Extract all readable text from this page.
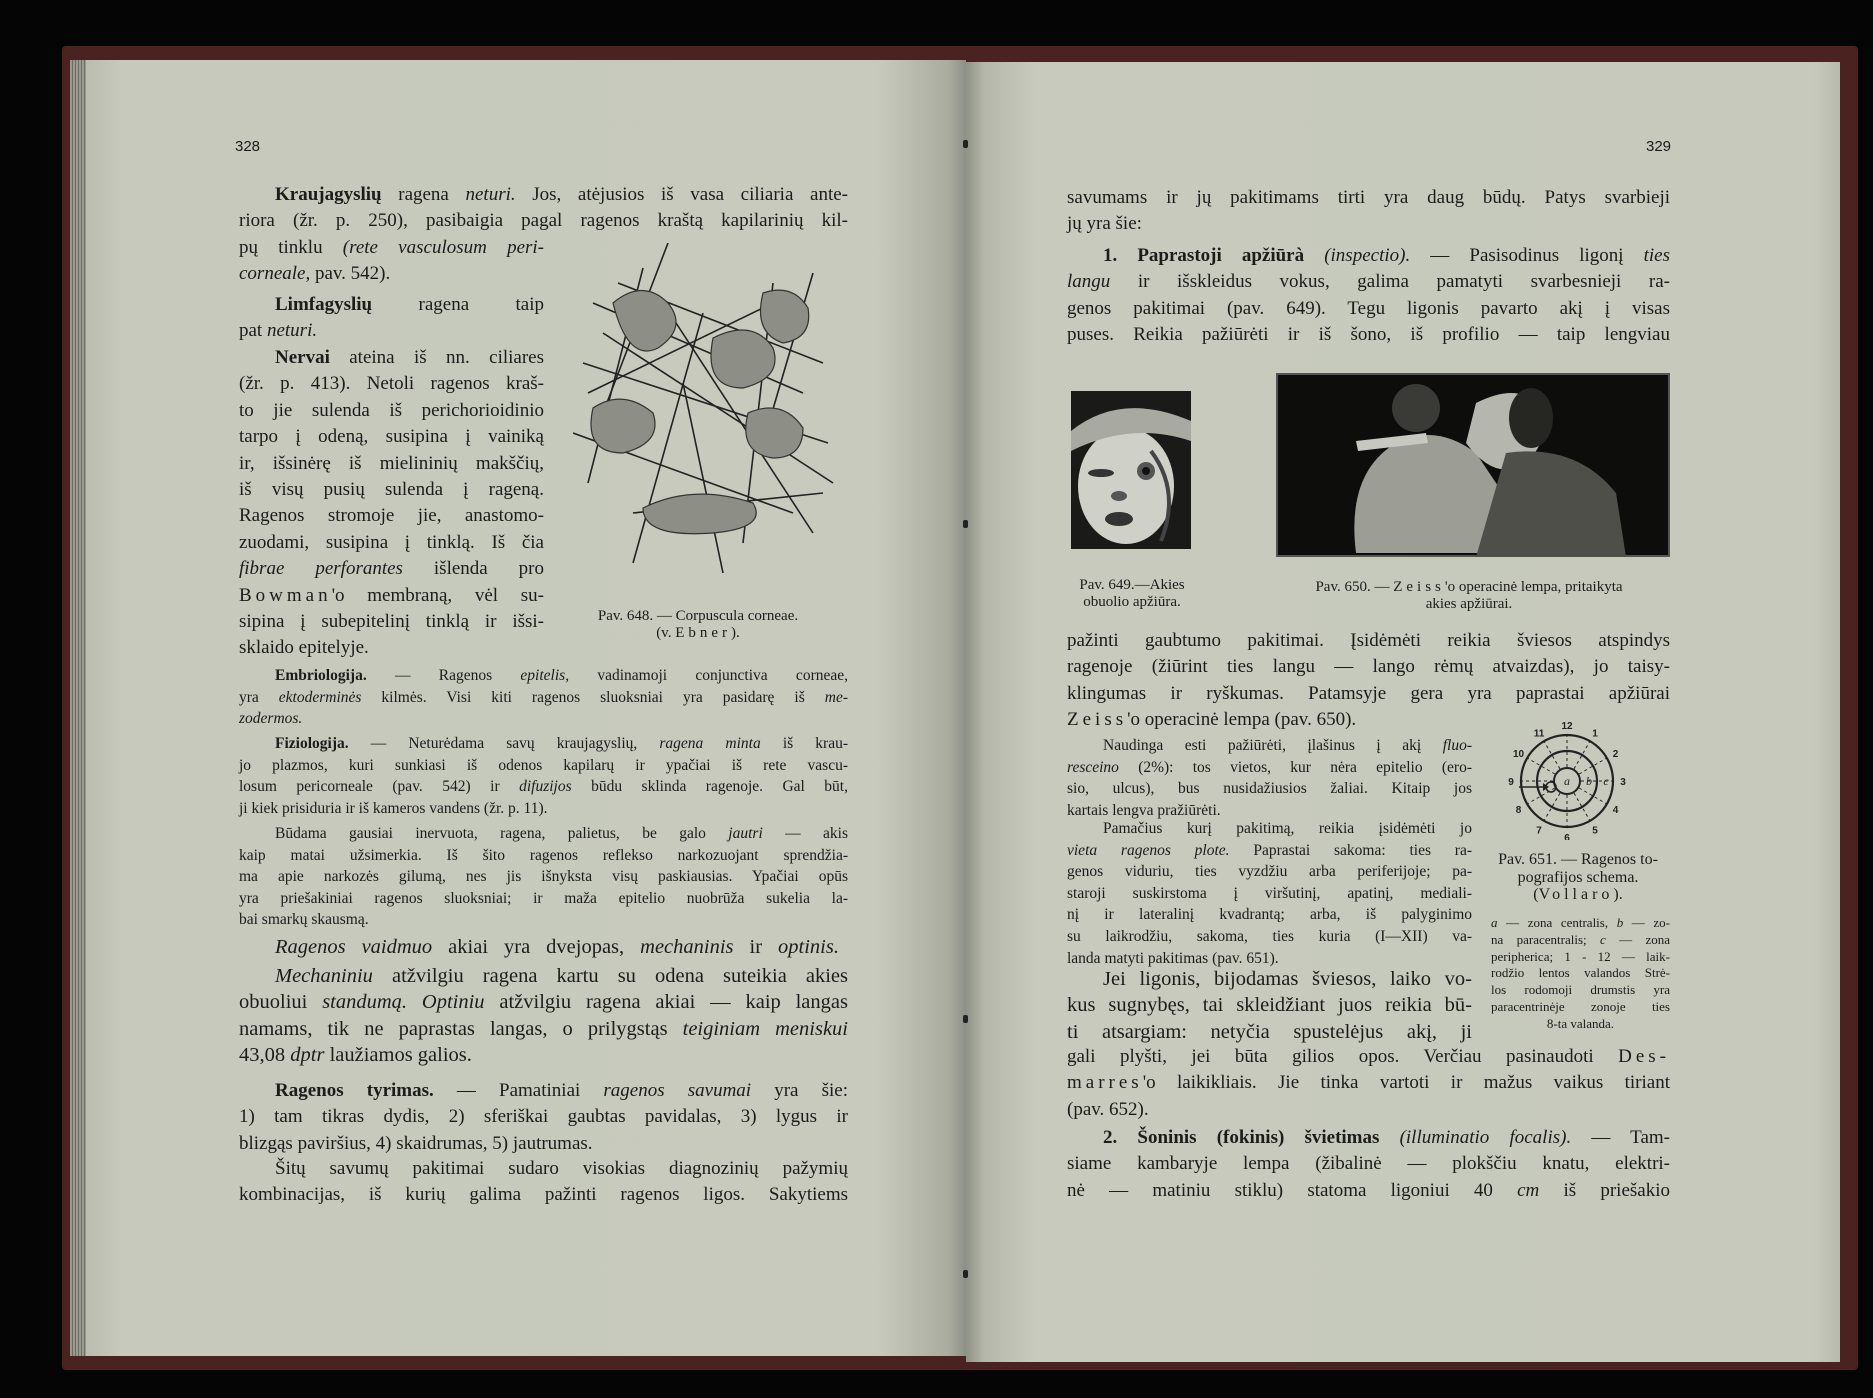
328
Kraujagyslių ragena neturi. Jos, atėjusios iš vasa ciliaria ante-
riora (žr. p. 250), pasibaigia pagal ragenos kraštą kapilarinių kil-
pų tinklu (rete vasculosum peri-
corneale, pav. 542).
Limfagyslių ragena taip
pat neturi.
Nervai ateina iš nn. ciliares
(žr. p. 413). Netoli ragenos kraš-
to jie sulenda iš perichorioidinio
tarpo į odeną, susipina į vainiką
ir, išsinėrę iš mielininių makščių,
iš visų pusių sulenda į rageną.
Ragenos stromoje jie, anastomo-
zuodami, susipina į tinklą. Iš čia
fibrae perforantes išlenda pro
Bowman'o membraną, vėl su-
sipina į subepitelinį tinklą ir išsi-
sklaido epitelyje.
Pav. 648. — Corpuscula corneae.
(v. Ebner).
Embriologija. — Ragenos epitelis, vadinamoji conjunctiva corneae,
yra ektoderminės kilmės. Visi kiti ragenos sluoksniai yra pasidarę iš me-
zodermos.
Fiziologija. — Neturėdama savų kraujagyslių, ragena minta iš krau-
jo plazmos, kuri sunkiasi iš odenos kapilarų ir ypačiai iš rete vascu-
losum pericorneale (pav. 542) ir difuzijos būdu sklinda ragenoje. Gal būt,
ji kiek prisiduria ir iš kameros vandens (žr. p. 11).
Būdama gausiai inervuota, ragena, palietus, be galo jautri — akis
kaip matai užsimerkia. Iš šito ragenos reflekso narkozuojant sprendžia-
ma apie narkozės gilumą, nes jis išnyksta visų paskiausias. Ypačiai opūs
yra priešakiniai ragenos sluoksniai; ir maža epitelio nuobrūža sukelia la-
bai smarkų skausmą.
Ragenos vaidmuo akiai yra dvejopas, mechaninis ir optinis.
Mechaniniu atžvilgiu ragena kartu su odena suteikia akies
obuoliui standumą. Optiniu atžvilgiu ragena akiai — kaip langas
namams, tik ne paprastas langas, o prilygstąs teiginiam meniskui
43,08 dptr laužiamos galios.
Ragenos tyrimas. — Pamatiniai ragenos savumai yra šie:
1) tam tikras dydis, 2) sferiškai gaubtas pavidalas, 3) lygus ir
blizgąs paviršius, 4) skaidrumas, 5) jautrumas.
Šitų savumų pakitimai sudaro visokias diagnozinių pažymių
kombinacijas, iš kurių galima pažinti ragenos ligos. Sakytiems
329
savumams ir jų pakitimams tirti yra daug būdų. Patys svarbieji
jų yra šie:
1. Paprastoji apžiūrà (inspectio). — Pasisodinus ligonį ties
langu ir išskleidus vokus, galima pamatyti svarbesnieji ra-
genos pakitimai (pav. 649). Tegu ligonis pavarto akį į visas
puses. Reikia pažiūrėti ir iš šono, iš profilio — taip lengviau
Pav. 649.—Akies
obuolio apžiūra.
Pav. 650. — Zeiss'o operacinė lempa, pritaikyta
akies apžiūrai.
pažinti gaubtumo pakitimai. Įsidėmėti reikia šviesos atspindys
ragenoje (žiūrint ties langu — lango rėmų atvaizdas), jo taisy-
klingumas ir ryškumas. Patamsyje gera yra paprastai apžiūrai
Zeiss'o operacinė lempa (pav. 650).
Naudinga esti pažiūrėti, įlašinus į akį fluo-
resceino (2%): tos vietos, kur nėra epitelio (ero-
sio, ulcus), bus nusidažiusios žaliai. Kitaip jos
kartais lengva pražiūrėti.
Pamačius kurį pakitimą, reikia įsidėmėti jo
vieta ragenos plote. Paprastai sakoma: ties ra-
genos viduriu, ties vyzdžiu arba periferijoje; pa-
staroji suskirstoma į viršutinį, apatinį, mediali-
nį ir lateralinį kvadrantą; arba, iš palyginimo
su laikrodžiu, sakoma, ties kuria (I—XII) va-
landa matyti pakitimas (pav. 651).
Jei ligonis, bijodamas šviesos, laiko vo-
kus sugnybęs, tai skleidžiant juos reikia bū-
ti atsargiam: netyčia spustelėjus akį, ji
12
1
2
3
4
5
6
7
8
9
10
11
a b c
Pav. 651. — Ragenos to-
pografijos schema.
(Vollaro).
a — zona centralis, b — zo-
na paracentralis; c — zona
peripherica; 1 - 12 — laik-
rodžio lentos valandos Strė-
los rodomoji drumstis yra
paracentrinėje zonoje ties
8-ta valanda.
gali plyšti, jei būta gilios opos. Verčiau pasinaudoti Des-
marres'o laikikliais. Jie tinka vartoti ir mažus vaikus tiriant
(pav. 652).
2. Šoninis (fokinis) švietimas (illuminatio focalis). — Tam-
siame kambaryje lempa (žibalinė — plokščiu knatu, elektri-
nė — matiniu stiklu) statoma ligoniui 40 cm iš priešakio
